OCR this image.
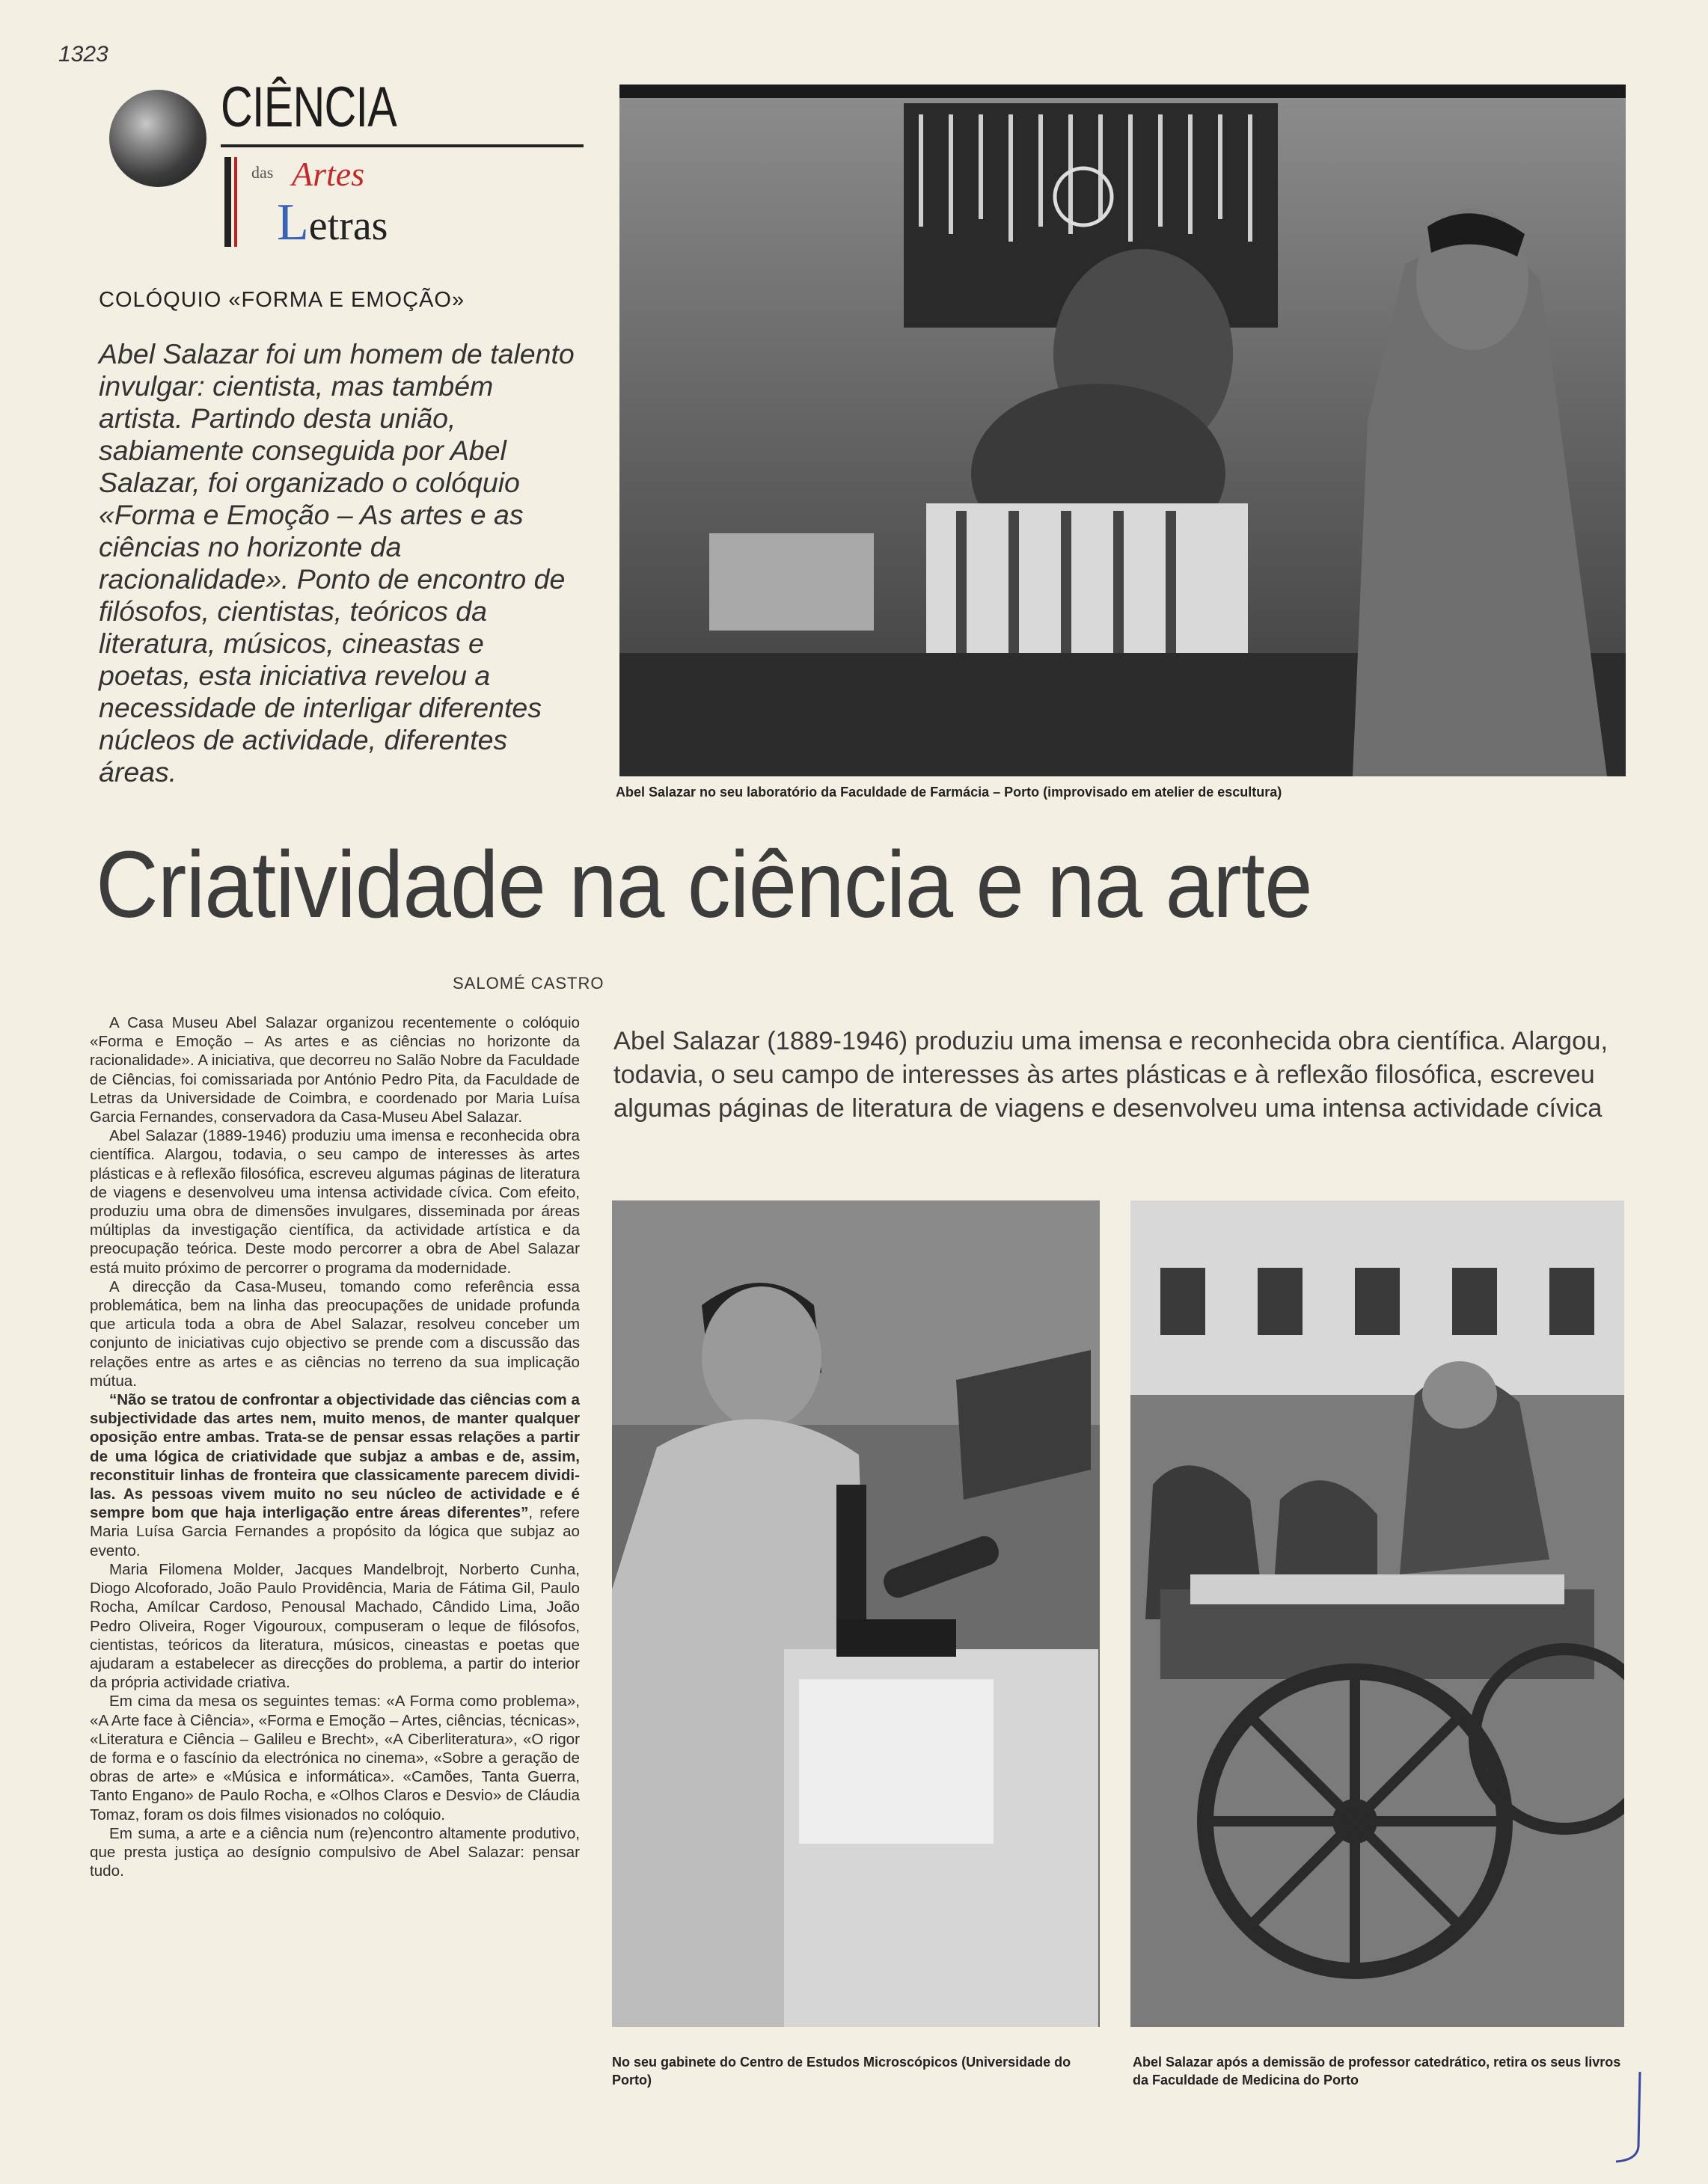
1323
CIÊNCIA
das Artes
Letras
COLÓQUIO «FORMA E EMOÇÃO»
Abel Salazar foi um homem de talento invulgar: cientista, mas também artista. Partindo desta união, sabiamente conseguida por Abel Salazar, foi organizado o colóquio «Forma e Emoção – As artes e as ciências no horizonte da racionalidade». Ponto de encontro de filósofos, cientistas, teóricos da literatura, músicos, cineastas e poetas, esta iniciativa revelou a necessidade de interligar diferentes núcleos de actividade, diferentes áreas.
Abel Salazar no seu laboratório da Faculdade de Farmácia – Porto (improvisado em atelier de escultura)
Criatividade na ciência e na arte
SALOMÉ CASTRO

A Casa Museu Abel Salazar organizou recentemente o colóquio «Forma e Emoção – As artes e as ciências no horizonte da racionalidade». A iniciativa, que decorreu no Salão Nobre da Faculdade de Ciências, foi comissariada por António Pedro Pita, da Faculdade de Letras da Universidade de Coimbra, e coordenado por Maria Luísa Garcia Fernandes, conservadora da Casa-Museu Abel Salazar.

Abel Salazar (1889-1946) produziu uma imensa e reconhecida obra científica. Alargou, todavia, o seu campo de interesses às artes plásticas e à reflexão filosófica, escreveu algumas páginas de literatura de viagens e desenvolveu uma intensa actividade cívica. Com efeito, produziu uma obra de dimensões invulgares, disseminada por áreas múltiplas da investigação científica, da actividade artística e da preocupação teórica. Deste modo percorrer a obra de Abel Salazar está muito próximo de percorrer o programa da modernidade.

A direcção da Casa-Museu, tomando como referência essa problemática, bem na linha das preocupações de unidade profunda que articula toda a obra de Abel Salazar, resolveu conceber um conjunto de iniciativas cujo objectivo se prende com a discussão das relações entre as artes e as ciências no terreno da sua implicação mútua.

“Não se tratou de confrontar a objectividade das ciências com a subjectividade das artes nem, muito menos, de manter qualquer oposição entre ambas. Trata-se de pensar essas relações a partir de uma lógica de criatividade que subjaz a ambas e de, assim, reconstituir linhas de fronteira que classicamente parecem dividi-las. As pessoas vivem muito no seu núcleo de actividade e é sempre bom que haja interligação entre áreas diferentes”, refere Maria Luísa Garcia Fernandes a propósito da lógica que subjaz ao evento.

Maria Filomena Molder, Jacques Mandelbrojt, Norberto Cunha, Diogo Alcoforado, João Paulo Providência, Maria de Fátima Gil, Paulo Rocha, Amílcar Cardoso, Penousal Machado, Cândido Lima, João Pedro Oliveira, Roger Vigouroux, compuseram o leque de filósofos, cientistas, teóricos da literatura, músicos, cineastas e poetas que ajudaram a estabelecer as direcções do problema, a partir do interior da própria actividade criativa.

Em cima da mesa os seguintes temas: «A Forma como problema», «A Arte face à Ciência», «Forma e Emoção – Artes, ciências, técnicas», «Literatura e Ciência – Galileu e Brecht», «A Ciberliteratura», «O rigor de forma e o fascínio da electrónica no cinema», «Sobre a geração de obras de arte» e «Música e informática». «Camões, Tanta Guerra, Tanto Engano» de Paulo Rocha, e «Olhos Claros e Desvio» de Cláudia Tomaz, foram os dois filmes visionados no colóquio.

Em suma, a arte e a ciência num (re)encontro altamente produtivo, que presta justiça ao desígnio compulsivo de Abel Salazar: pensar tudo.

Abel Salazar (1889-1946) produziu uma imensa e reconhecida obra científica. Alargou, todavia, o seu campo de interesses às artes plásticas e à reflexão filosófica, escreveu algumas páginas de literatura de viagens e desenvolveu uma intensa actividade cívica
No seu gabinete do Centro de Estudos Microscópicos (Universidade do Porto)
Abel Salazar após a demissão de professor catedrático, retira os seus livros da Faculdade de Medicina do Porto
